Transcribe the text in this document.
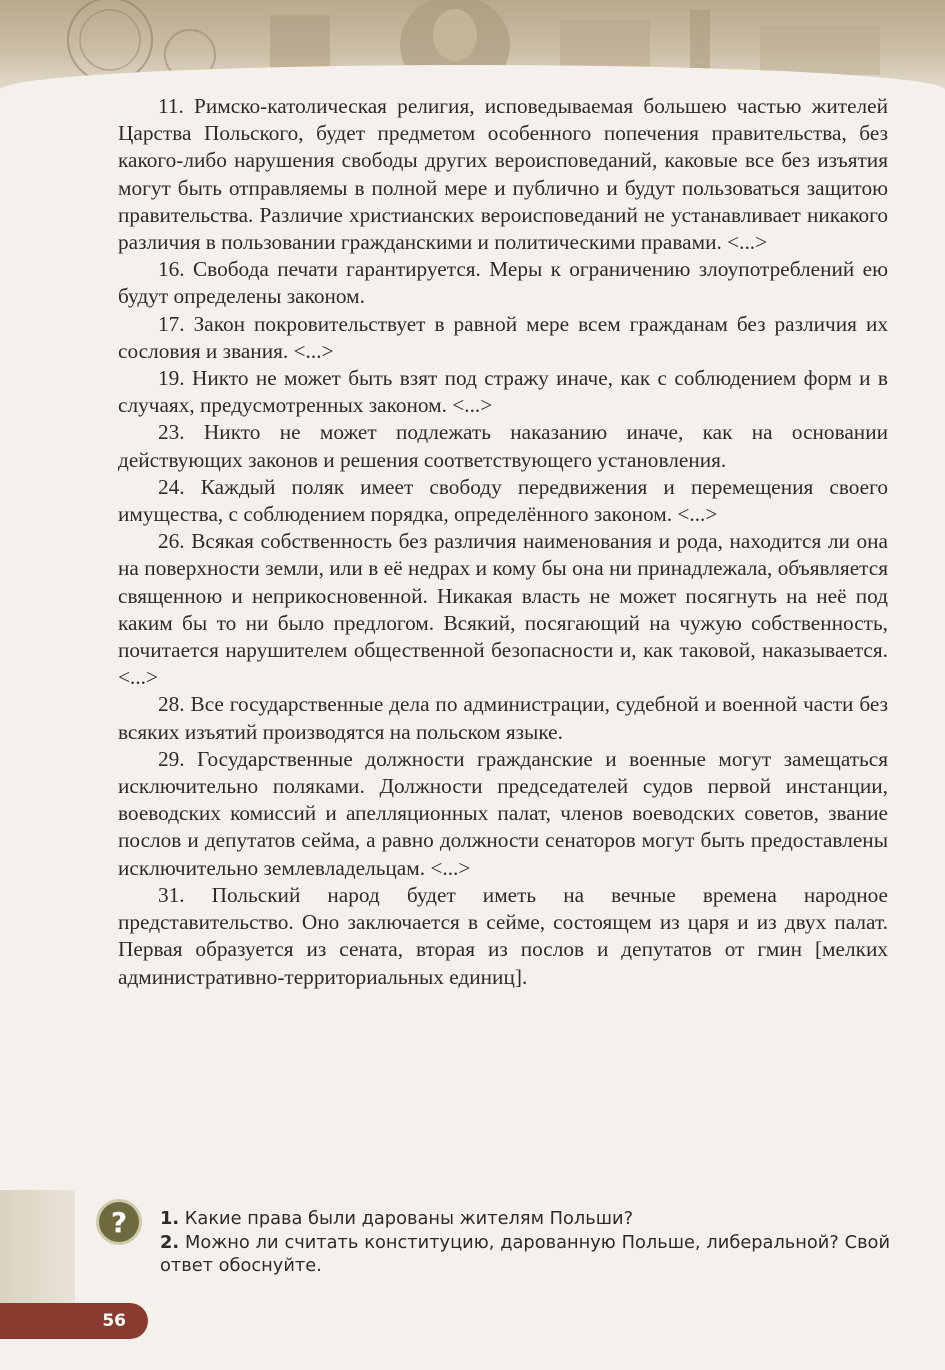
11. Римско-католическая религия, исповедываемая большею частью жителей Царства Польского, будет предметом особенного попечения правительства, без какого-либо нарушения свободы других вероисповеданий, каковые все без изъятия могут быть отправляемы в полной мере и публично и будут пользоваться защитою правительства. Различие христианских вероисповеданий не устанавливает никакого различия в пользовании гражданскими и политическими правами. <...>

16. Свобода печати гарантируется. Меры к ограничению злоупотреблений ею будут определены законом.

17. Закон покровительствует в равной мере всем гражданам без различия их сословия и звания. <...>

19. Никто не может быть взят под стражу иначе, как с соблюдением форм и в случаях, предусмотренных законом. <...>

23. Никто не может подлежать наказанию иначе, как на основании действующих законов и решения соответствующего установления.

24. Каждый поляк имеет свободу передвижения и перемещения своего имущества, с соблюдением порядка, определённого законом. <...>

26. Всякая собственность без различия наименования и рода, находится ли она на поверхности земли, или в её недрах и кому бы она ни принадлежала, объявляется священною и неприкосновенной. Никакая власть не может посягнуть на неё под каким бы то ни было предлогом. Всякий, посягающий на чужую собственность, почитается нарушителем общественной безопасности и, как таковой, наказывается. <...>

28. Все государственные дела по администрации, судебной и военной части без всяких изъятий производятся на польском языке.

29. Государственные должности гражданские и военные могут замещаться исключительно поляками. Должности председателей судов первой инстанции, воеводских комиссий и апелляционных палат, членов воеводских советов, звание послов и депутатов сейма, а равно должности сенаторов могут быть предоставлены исключительно землевладельцам. <...>

31. Польский народ будет иметь на вечные времена народное представительство. Оно заключается в сейме, состоящем из царя и из двух палат. Первая образуется из сената, вторая из послов и депутатов от гмин [мелких административно-территориальных единиц].

? 1. Какие права были дарованы жителям Польши?

2. Можно ли считать конституцию, дарованную Польше, либеральной? Свой ответ обоснуйте.

56
